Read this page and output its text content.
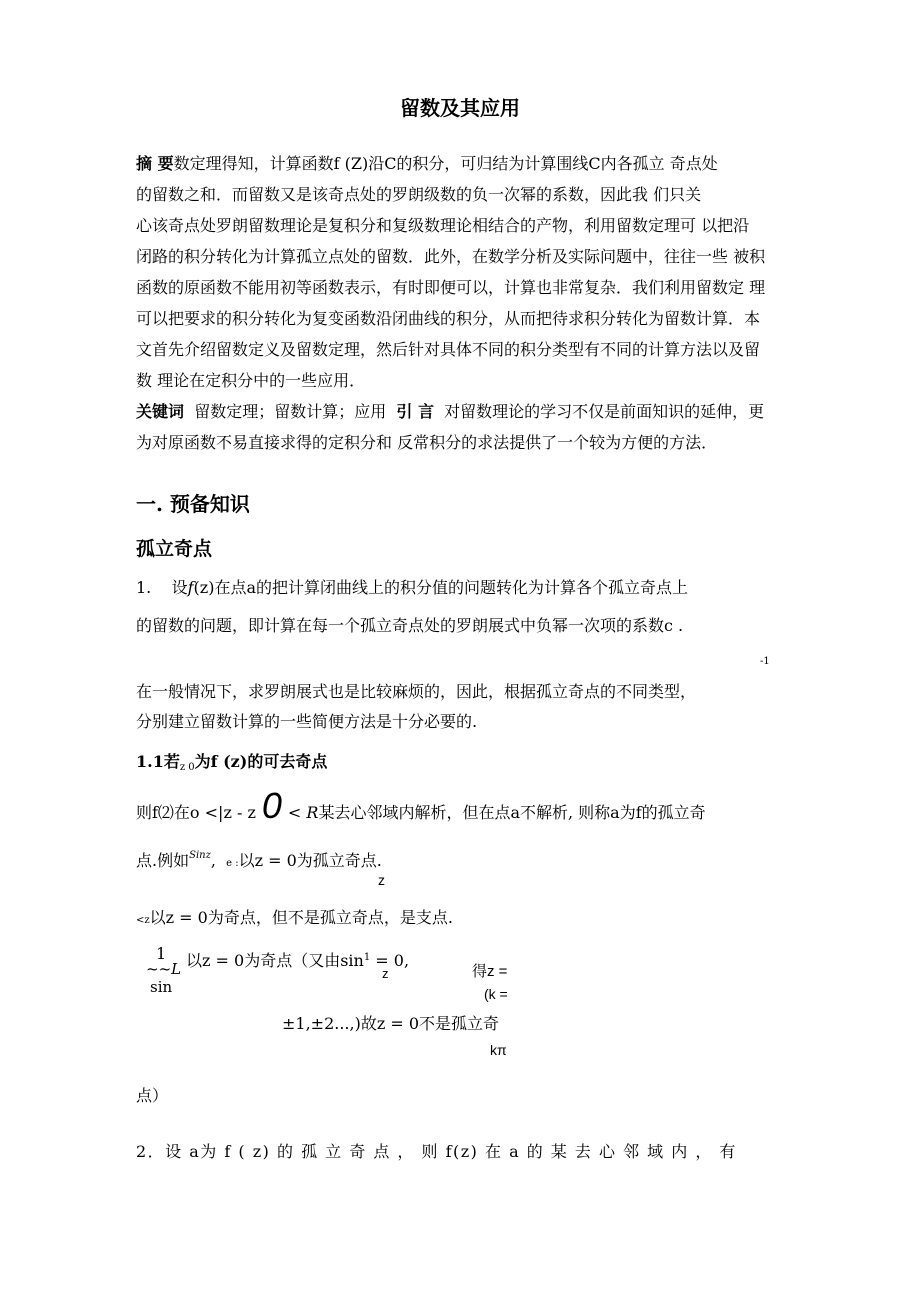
留数及其应用
摘 要数定理得知，计算函数f (Z)沿C的积分，可归结为计算围线C内各孤立 奇点处
的留数之和．而留数又是该奇点处的罗朗级数的负一次幂的系数，因此我 们只关
心该奇点处罗朗留数理论是复积分和复级数理论相结合的产物，利用留数定理可 以把沿
闭路的积分转化为计算孤立点处的留数．此外，在数学分析及实际问题中，往往一些 被积
函数的原函数不能用初等函数表示，有时即便可以，计算也非常复杂．我们利用留数定 理
可以把要求的积分转化为复变函数沿闭曲线的积分，从而把待求积分转化为留数计算．本
文首先介绍留数定义及留数定理，然后针对具体不同的积分类型有不同的计算方法以及留
数 理论在定积分中的一些应用．
关键词 留数定理；留数计算；应用 引 言 对留数理论的学习不仅是前面知识的延伸，更
为对原函数不易直接求得的定积分和 反常积分的求法提供了一个较为方便的方法．
一. 预备知识
孤立奇点
1. 设f(z)在点a的把计算闭曲线上的积分值的问题转化为计算各个孤立奇点上
的留数的问题，即计算在每一个孤立奇点处的罗朗展式中负幂一次项的系数c .
-1
在一般情况下，求罗朗展式也是比较麻烦的，因此，根据孤立奇点的不同类型，
分别建立留数计算的一些简便方法是十分必要的.
1.1若z 0为f (z)的可去奇点
则f⑵在o <|z - z 0 < R某去心邻域内解析，但在点a不解析, 则称a为f的孤立奇
点.例如$^{Sinz}$, e :以z = 0为孤立奇点.
z
<z以z = 0为奇点，但不是孤立奇点，是支点.
1
~~L
sin
以z = 0为奇点（又由$\sin^1 = 0$,
z	得z =
(k =
±1,±2...,)故z = 0不是孤立奇
kπ
点）
2．设 a为 f ( z) 的 孤 立 奇 点 ， 则 f(z) 在 a 的 某 去 心 邻 域 内 ， 有
